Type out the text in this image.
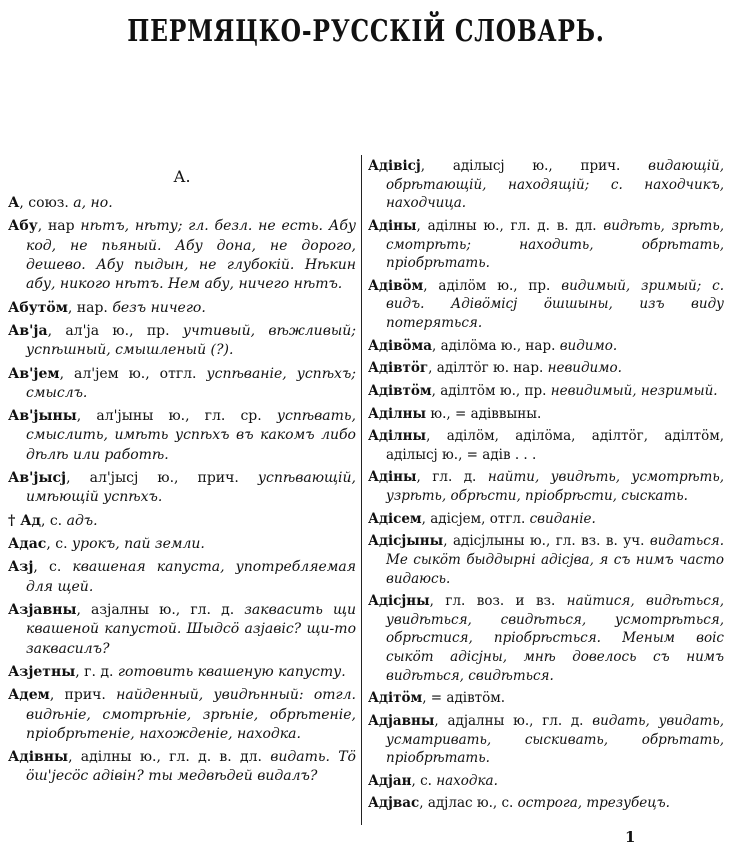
ПЕРМЯЦКО-РУССКІЙ СЛОВАРЬ.
А.
А, союз. а, но.
Абу, нар нѣтъ, нѣту; гл. безл. не есть. Абу код, не пьяный. Абу дона, не дорого, дешево. Абу пыдын, не глубокій. Нѣкин абу, никого нѣтъ. Нем абу, ничего нѣтъ.
Абутöм, нар. безъ ничего.
Ав'ја, ал'ја ю., пр. учтивый, вѣжливый; успѣшный, смышленый (?).
Ав'јем, ал'јем ю., отгл. успѣваніе, успѣхъ; смыслъ.
Ав'јыны, ал'јыны ю., гл. ср. успѣвать, смыслить, имѣть успѣхъ въ какомъ либо дѣлѣ или работѣ.
Ав'јысј, ал'јысј ю., прич. успѣвающій, имѣющій успѣхъ.
† Ад, с. адъ.
Адас, с. урокъ, пай земли.
Азј, с. квашеная капуста, употребляемая для щей.
Азјавны, азјалны ю., гл. д. заквасить щи квашеной капустой. Шыдсö азјавiс? щи-то заквасилъ?
Азјетны, г. д. готовить квашеную капусту.
Адем, прич. найденный, увидѣнный: отгл. видѣніе, смотрѣніе, зрѣніе, обрѣтеніе, пріобрѣтеніе, нахожденіе, находка.
Адiвны, адiлны ю., гл. д. в. дл. видать. Тö öш'јесöс адiвiн? ты медвѣдей видалъ?
Адiвiсј, адiлысј ю., прич. видающій, обрѣтающій, находящій; с. находчикъ, находчица.
Адiны, адiлны ю., гл. д. в. дл. видѣть, зрѣть, смотрѣть; находить, обрѣтать, пріобрѣтать.
Адiвöм, адiлöм ю., пр. видимый, зримый; с. видъ. Адiвöмiсј öшшыны, изъ виду потеряться.
Адiвöма, адiлöма ю., нар. видимо.
Адiвтöг, адiлтöг ю. нар. невидимо.
Адiвтöм, адiлтöм ю., пр. невидимый, незримый.
Адiлны ю., = адiввыны.
Адiлны, адiлöм, адiлöма, адiлтöг, адiлтöм, адiлысј ю., = адiв . . .
Адiны, гл. д. найти, увидѣть, усмотрѣть, узрѣть, обрѣсти, пріобрѣсти, сыскать.
Адiсем, адiсјем, отгл. свиданіе.
Адiсјыны, адiсјлыны ю., гл. вз. в. уч. видаться. Ме сыкöт быддырнi адiсјва, я съ нимъ часто видаюсь.
Адiсјны, гл. воз. и вз. найтися, видѣться, увидѣться, свидѣться, усмотрѣться, обрѣстися, пріобрѣсться. Меным воiс сыкöт адiсјны, мнѣ довелось съ нимъ видѣться, свидѣться.
Адiтöм, = адiвтöм.
Адјавны, адјалны ю., гл. д. видать, увидать, усматривать, сыскивать, обрѣтать, пріобрѣтать.
Адјан, с. находка.
Адјвас, адјлас ю., с. острога, трезубецъ.
1
